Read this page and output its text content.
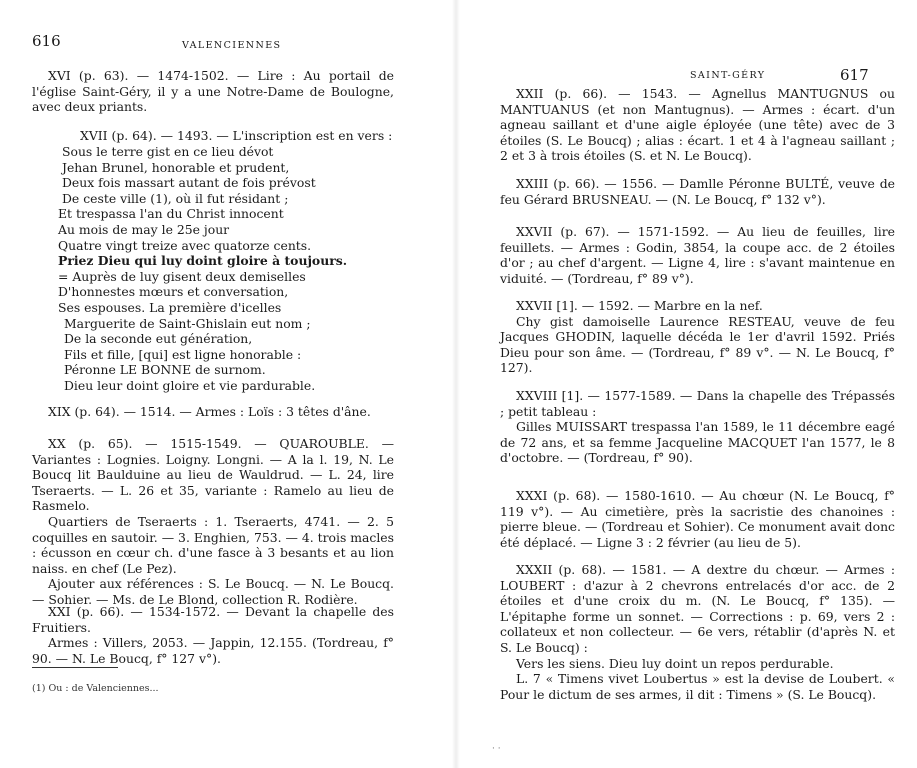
616	VALENCIENNES

XVI (p. 63). — 1474-1502. — Lire : Au portail de l'église Saint-Géry, il y a une Notre-Dame de Boulogne, avec deux priants.

XVII (p. 64). — 1493. — L'inscription est en vers :

Sous le terre gist en ce lieu dévot
Jehan Brunel, honorable et prudent,
Deux fois massart autant de fois prévost
De ceste ville (1), où il fut résidant ;
Et trespassa l'an du Christ innocent
Au mois de may le 25e jour
Quatre vingt treize avec quatorze cents.
Priez Dieu qui luy doint gloire à toujours.
= Auprès de luy gisent deux demiselles
D'honnestes mœurs et conversation,
Ses espouses. La première d'icelles
Marguerite de Saint-Ghislain eut nom ;
De la seconde eut génération,
Fils et fille, [qui] est ligne honorable :
Péronne LE BONNE de surnom.
Dieu leur doint gloire et vie pardurable.

XIX (p. 64). — 1514. — Armes : Loïs : 3 têtes d'âne.

XX (p. 65). — 1515-1549. — QUAROUBLE. — Variantes : Lognies. Loigny. Longni. — A la l. 19, N. Le Boucq lit Baulduine au lieu de Wauldrud. — L. 24, lire Tseraerts. — L. 26 et 35, variante : Ramelo au lieu de Rasmelo.

Quartiers de Tseraerts : 1. Tseraerts, 4741. — 2. 5 coquilles en sautoir. — 3. Enghien, 753. — 4. trois macles : écusson en cœur ch. d'une fasce à 3 besants et au lion naiss. en chef (Le Pez).

Ajouter aux références : S. Le Boucq. — N. Le Boucq. — Sohier. — Ms. de Le Blond, collection R. Rodière.

XXI (p. 66). — 1534-1572. — Devant la chapelle des Fruitiers.

Armes : Villers, 2053. — Jappin, 12.155. (Tordreau, f° 90. — N. Le Boucq, f° 127 v°).

(1) Ou : de Valenciennes...
SAINT-GÉRY	617

XXII (p. 66). — 1543. — Agnellus MANTUGNUS ou MANTUANUS (et non Mantugnus). — Armes : écart. d'un agneau saillant et d'une aigle éployée (une tête) avec de 3 étoiles (S. Le Boucq) ; alias : écart. 1 et 4 à l'agneau saillant ; 2 et 3 à trois étoiles (S. et N. Le Boucq).

XXIII (p. 66). — 1556. — Damlle Péronne BULTÉ, veuve de feu Gérard BRUSNEAU. — (N. Le Boucq, f° 132 v°).

XXVII (p. 67). — 1571-1592. — Au lieu de feuilles, lire feuillets. — Armes : Godin, 3854, la coupe acc. de 2 étoiles d'or ; au chef d'argent. — Ligne 4, lire : s'avant maintenue en viduité. — (Tordreau, f° 89 v°).

XXVII [1]. — 1592. — Marbre en la nef.

Chy gist damoiselle Laurence RESTEAU, veuve de feu Jacques GHODIN, laquelle décéda le 1er d'avril 1592. Priés Dieu pour son âme. — (Tordreau, f° 89 v°. — N. Le Boucq, f° 127).

XXVIII [1]. — 1577-1589. — Dans la chapelle des Trépassés ; petit tableau :

Gilles MUISSART trespassa l'an 1589, le 11 décembre eagé de 72 ans, et sa femme Jacqueline MACQUET l'an 1577, le 8 d'octobre. — (Tordreau, f° 90).

XXXI (p. 68). — 1580-1610. — Au chœur (N. Le Boucq, f° 119 v°). — Au cimetière, près la sacristie des chanoines : pierre bleue. — (Tordreau et Sohier). Ce monument avait donc été déplacé. — Ligne 3 : 2 février (au lieu de 5).

XXXII (p. 68). — 1581. — A dextre du chœur. — Armes : LOUBERT : d'azur à 2 chevrons entrelacés d'or acc. de 2 étoiles et d'une croix du m. (N. Le Boucq, f° 135). — L'épitaphe forme un sonnet. — Corrections : p. 69, vers 2 : collateux et non collecteur. — 6e vers, rétablir (d'après N. et S. Le Boucq) :

Vers les siens. Dieu luy doint un repos perdurable.

L. 7 « Timens vivet Loubertus » est la devise de Loubert. « Pour le dictum de ses armes, il dit : Timens » (S. Le Boucq).

· ·
